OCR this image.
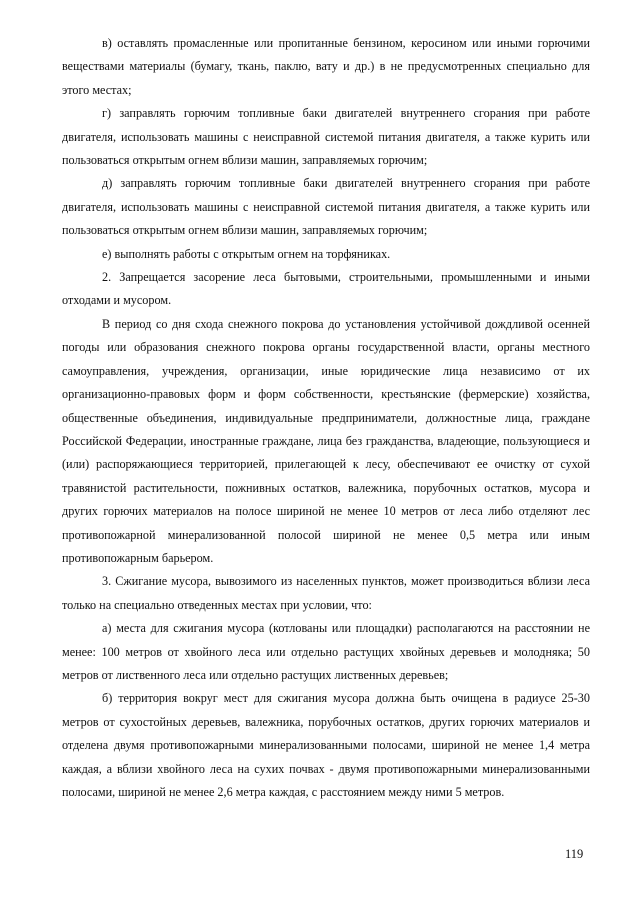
в) оставлять промасленные или пропитанные бензином, керосином или иными горючими веществами материалы (бумагу, ткань, паклю, вату и др.) в не предусмотренных специально для этого местах;

г) заправлять горючим топливные баки двигателей внутреннего сгорания при работе двигателя, использовать машины с неисправной системой питания двигателя, а также курить или пользоваться открытым огнем вблизи машин, заправляемых горючим;

д) заправлять горючим топливные баки двигателей внутреннего сгорания при работе двигателя, использовать машины с неисправной системой питания двигателя, а также курить или пользоваться открытым огнем вблизи машин, заправляемых горючим;

е) выполнять работы с открытым огнем на торфяниках.

2. Запрещается засорение леса бытовыми, строительными, промышленными и иными отходами и мусором.

В период со дня схода снежного покрова до установления устойчивой дождливой осенней погоды или образования снежного покрова органы государственной власти, органы местного самоуправления, учреждения, организации, иные юридические лица независимо от их организационно-правовых форм и форм собственности, крестьянские (фермерские) хозяйства, общественные объединения, индивидуальные предприниматели, должностные лица, граждане Российской Федерации, иностранные граждане, лица без гражданства, владеющие, пользующиеся и (или) распоряжающиеся территорией, прилегающей к лесу, обеспечивают ее очистку от сухой травянистой растительности, пожнивных остатков, валежника, порубочных остатков, мусора и других горючих материалов на полосе шириной не менее 10 метров от леса либо отделяют лес противопожарной минерализованной полосой шириной не менее 0,5 метра или иным противопожарным барьером.

3. Сжигание мусора, вывозимого из населенных пунктов, может производиться вблизи леса только на специально отведенных местах при условии, что:

а) места для сжигания мусора (котлованы или площадки) располагаются на расстоянии не менее: 100 метров от хвойного леса или отдельно растущих хвойных деревьев и молодняка; 50 метров от лиственного леса или отдельно растущих лиственных деревьев;

б) территория вокруг мест для сжигания мусора должна быть очищена в радиусе 25-30 метров от сухостойных деревьев, валежника, порубочных остатков, других горючих материалов и отделена двумя противопожарными минерализованными полосами, шириной не менее 1,4 метра каждая, а вблизи хвойного леса на сухих почвах - двумя противопожарными минерализованными полосами, шириной не менее 2,6 метра каждая, с расстоянием между ними 5 метров.

119
